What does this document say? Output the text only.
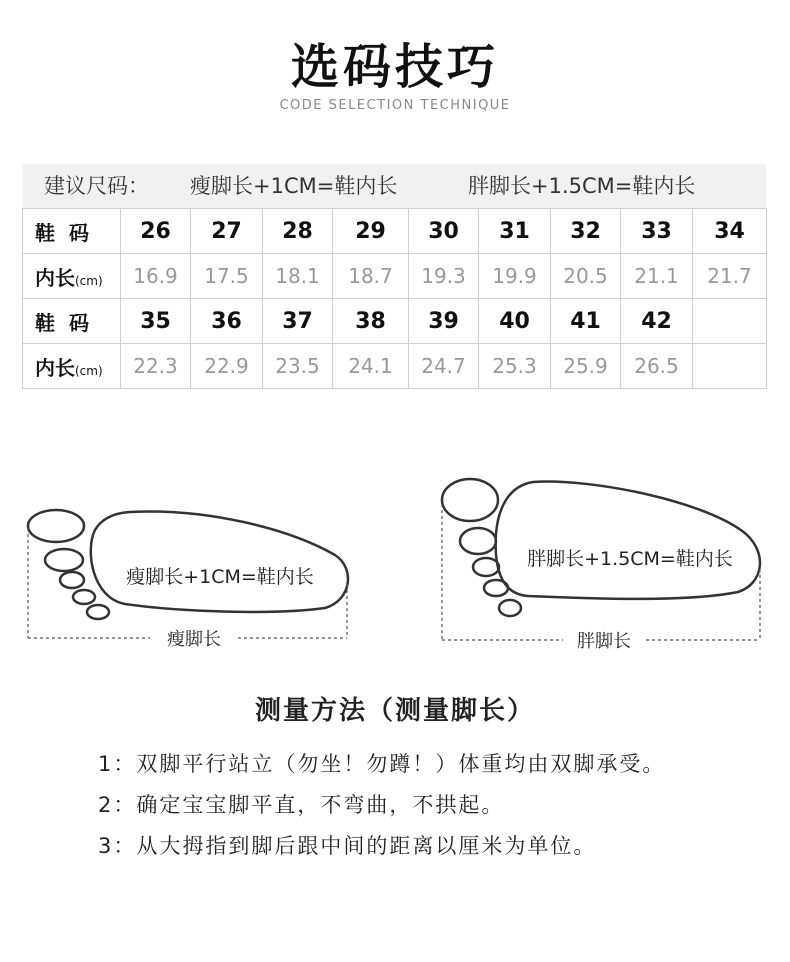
选码技巧
CODE SELECTION TECHNIQUE
建议尺码： 瘦脚长+1CM=鞋内长	胖脚长+1.5CM=鞋内长
鞋码	26	27	28	29	30	31	32	33	34
内长(cm)	16.9	17.5	18.1	18.7	19.3	19.9	20.5	21.1	21.7
鞋码	35	36	37	38	39	40	41	42	
内长(cm)	22.3	22.9	23.5	24.1	24.7	25.3	25.9	26.5	
瘦脚长+1CM=鞋内长
瘦脚长
胖脚长+1.5CM=鞋内长
胖脚长
测量方法（测量脚长）
1：双脚平行站立（勿坐！勿蹲！）体重均由双脚承受。
2：确定宝宝脚平直，不弯曲，不拱起。
3：从大拇指到脚后跟中间的距离以厘米为单位。
